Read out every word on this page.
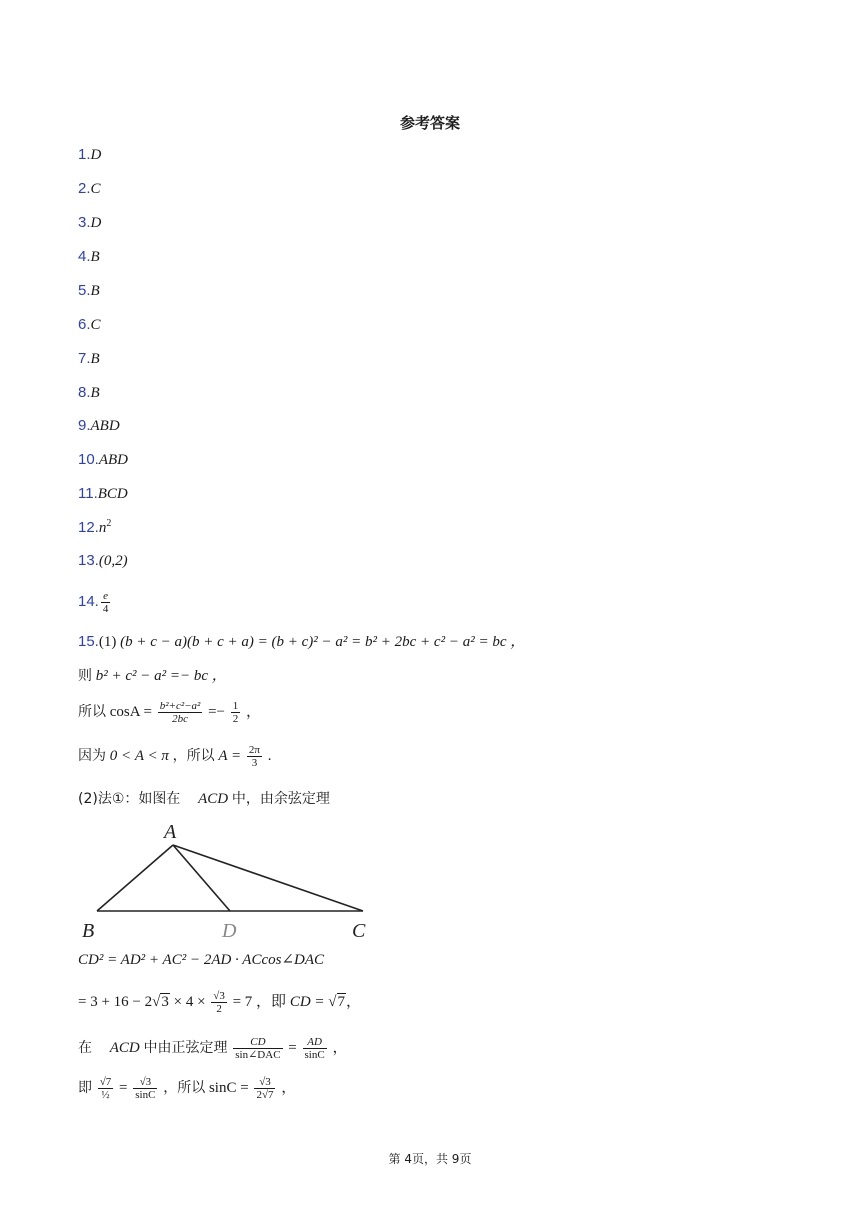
参考答案
1.D
2.C
3.D
4.B
5.B
6.C
7.B
8.B
9.ABD
10.ABD
11.BCD
$12.n^2$
13.(0,2)
14. $\frac{e}{4}$
15.(1) (b + c − a)(b + c + a) = (b + c)² − a² = b² + 2bc + c² − a² = bc ，
则 b² + c² − a² =− bc ，
所以 $\cos A = \frac{\text{b²+c²−a²}}{2bc} =- \frac{1}{2}$ ，
因为 0 < A < π ，所以 $A = \frac{2\pi}{3}$ .
(2)法①：如图在 ACD 中，由余弦定理
A
B	D	C
CD² = AD² + AC² − 2AD · ACcos∠DAC
= $3 + 16 - 2√3 \times 4 \times \frac{√3}{2} = 7$ ，即 CD = √7，
在 ACD 中由正弦定理 $\frac{CD}{\text{sin∠DAC}} = \frac{AD}{\sin C}$ ，
即 $\frac{√7}{\text{½}} = \frac{√3}{\sin C}$ ，所以 $\sin C = \frac{√3}{2√7}$ ，
第 4页，共 9页
